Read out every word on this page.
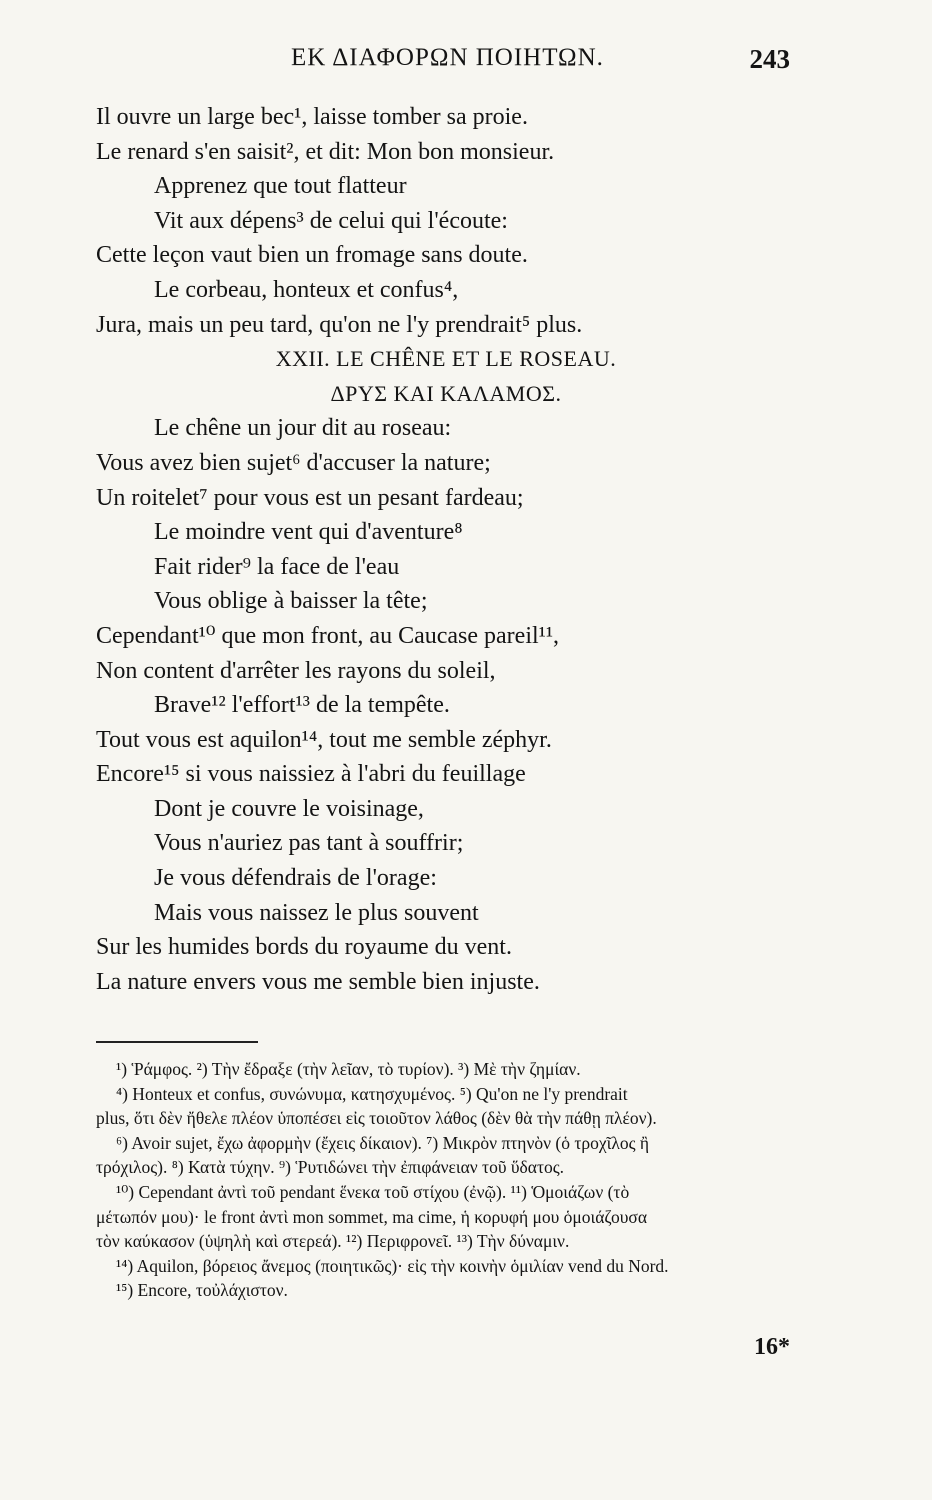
ΕΚ ΔΙΑΦΟΡΩΝ ΠΟΙΗΤΩΝ.	243
Il ouvre un large bec¹, laisse tomber sa proie.
Le renard s'en saisit², et dit: Mon bon monsieur.
Apprenez que tout flatteur
Vit aux dépens³ de celui qui l'écoute:
Cette leçon vaut bien un fromage sans doute.
Le corbeau, honteux et confus⁴,
Jura, mais un peu tard, qu'on ne l'y prendrait⁵ plus.
XXII. LE CHÊNE ET LE ROSEAU.
ΔΡΥΣ ΚΑΙ ΚΑΛΑΜΟΣ.
Le chêne un jour dit au roseau:
Vous avez bien sujet⁶ d'accuser la nature;
Un roitelet⁷ pour vous est un pesant fardeau;
Le moindre vent qui d'aventure⁸
Fait rider⁹ la face de l'eau
Vous oblige à baisser la tête;
Cependant¹⁰ que mon front, au Caucase pareil¹¹,
Non content d'arrêter les rayons du soleil,
Brave¹² l'effort¹³ de la tempête.
Tout vous est aquilon¹⁴, tout me semble zéphyr.
Encore¹⁵ si vous naissiez à l'abri du feuillage
Dont je couvre le voisinage,
Vous n'auriez pas tant à souffrir;
Je vous défendrais de l'orage:
Mais vous naissez le plus souvent
Sur les humides bords du royaume du vent.
La nature envers vous me semble bien injuste.
¹) Ῥάμφος. ²) Τὴν ἔδραξε (τὴν λεῖαν, τὸ τυρίον). ³) Μὲ τὴν ζημίαν.
⁴) Honteux et confus, συνώνυμα, κατησχυμένος. ⁵) Qu'on ne l'y prendrait
plus, ὅτι δὲν ἤθελε πλέον ὑποπέσει εἰς τοιοῦτον λάθος (δὲν θὰ τὴν πάθῃ πλέον).
⁶) Avoir sujet, ἔχω ἀφορμὴν (ἔχεις δίκαιον). ⁷) Μικρὸν πτηνὸν (ὁ τροχῖλος ἢ
τρόχιλος). ⁸) Κατὰ τύχην. ⁹) Ῥυτιδώνει τὴν ἐπιφάνειαν τοῦ ὕδατος.
¹⁰) Cependant ἀντὶ τοῦ pendant ἕνεκα τοῦ στίχου (ἐνῷ). ¹¹) Ὁμοιάζων (τὸ
μέτωπόν μου)· le front ἀντὶ mon sommet, ma cime, ἡ κορυφή μου ὁμοιάζουσα
τὸν καύκασον (ὑψηλὴ καὶ στερεά). ¹²) Περιφρονεῖ. ¹³) Τὴν δύναμιν.
¹⁴) Aquilon, βόρειος ἄνεμος (ποιητικῶς)· εἰς τὴν κοινὴν ὁμιλίαν vend du Nord.
¹⁵) Encore, τοὐλάχιστον.
16*
